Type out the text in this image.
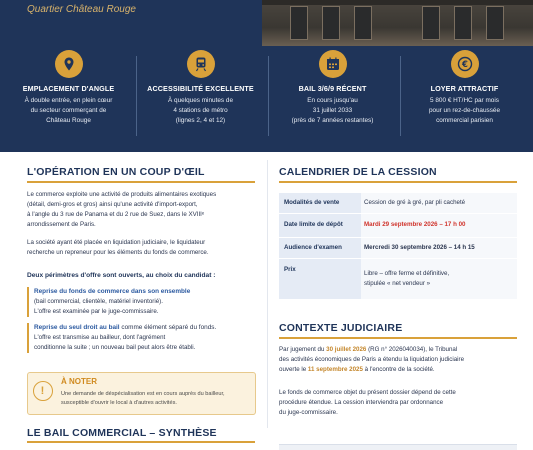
Quartier Château Rouge
EMPLACEMENT D'ANGLE
À double entrée, en plein cœur
du secteur commerçant de
Château Rouge
ACCESSIBILITÉ EXCELLENTE
À quelques minutes de
4 stations de métro
(lignes 2, 4 et 12)
BAIL 3/6/9 RÉCENT
En cours jusqu'au
31 juillet 2033
(près de 7 années restantes)
€
LOYER ATTRACTIF
5 800 € HT/HC par mois
pour un rez-de-chaussée
commercial parisien
L'OPÉRATION EN UN COUP D'ŒIL
Le commerce exploite une activité de produits alimentaires exotiques
(détail, demi-gros et gros) ainsi qu'une activité d'import-export,
à l'angle du 3 rue de Panama et du 2 rue de Suez, dans le XVIIIᵉ
arrondissement de Paris.
La société ayant été placée en liquidation judiciaire, le liquidateur
recherche un repreneur pour les éléments du fonds de commerce.
Deux périmètres d'offre sont ouverts, au choix du candidat :
Reprise du fonds de commerce dans son ensemble
(bail commercial, clientèle, matériel inventorié).
L'offre est examinée par le juge-commissaire.
Reprise du seul droit au bail comme élément séparé du fonds.
L'offre est transmise au bailleur, dont l'agrément
conditionne la suite ; un nouveau bail peut alors être établi.
!
À NOTER
Une demande de déspécialisation est en cours auprès du bailleur,
susceptible d'ouvrir le local à d'autres activités.
LE BAIL COMMERCIAL – SYNTHÈSE
CALENDRIER DE LA CESSION
Modalités de vente	Cession de gré à gré, par pli cacheté
Date limite de dépôt	Mardi 29 septembre 2026 – 17 h 00
Audience d'examen	Mercredi 30 septembre 2026 – 14 h 15
Prix	Libre – offre ferme et définitive,
stipulée « net vendeur »
CONTEXTE JUDICIAIRE
Par jugement du 30 juillet 2026 (RG n° 2026040034), le Tribunal
des activités économiques de Paris a étendu la liquidation judiciaire
ouverte le 11 septembre 2025 à l'encontre de la société.
Le fonds de commerce objet du présent dossier dépend de cette
procédure étendue. La cession interviendra par ordonnance
du juge-commissaire.
